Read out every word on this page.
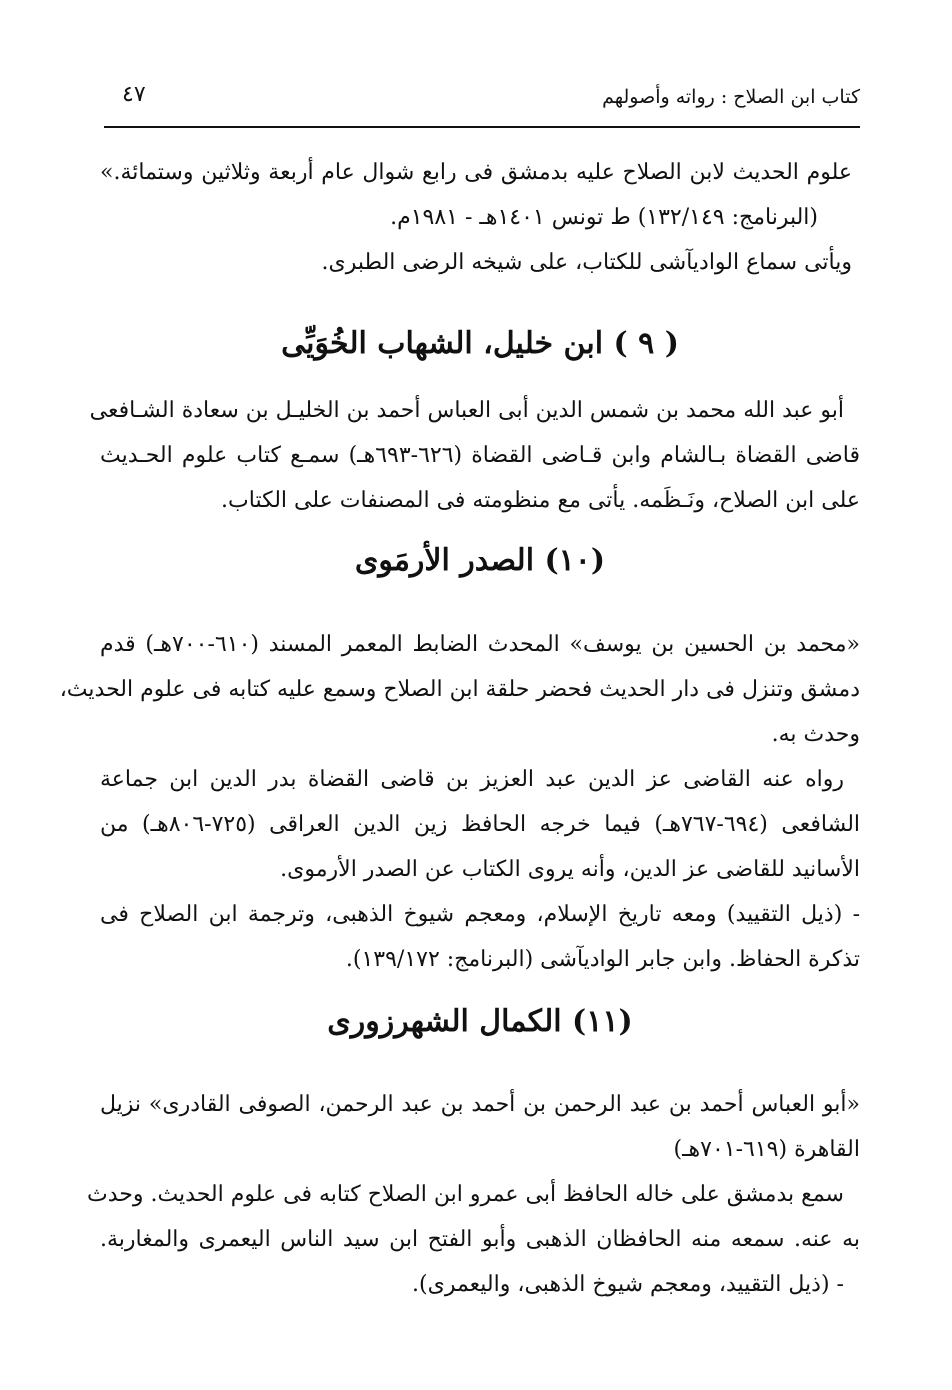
كتاب ابن الصلاح : رواته وأصولهم
٤٧
علوم الحديث لابن الصلاح عليه بدمشق فى رابع شوال عام أربعة وثلاثين وستمائة.»
(البرنامج: ١٣٢/١٤٩) ط تونس ١٤٠١هـ - ١٩٨١م.
ويأتى سماع الواديآشى للكتاب، على شيخه الرضى الطبرى.
( ٩ ) ابن خليل، الشهاب الخُوَيِّى
أبو عبد الله محمد بن شمس الدين أبى العباس أحمد بن الخليـل بن سعادة الشـافعى
قاضى القضاة بـالشام وابن قـاضى القضاة (٦٢٦-٦٩٣هـ) سمـع كتاب علوم الحـديث
على ابن الصلاح، ونَـظَمه. يأتى مع منظومته فى المصنفات على الكتاب.
(١٠) الصدر الأرمَوى
«محمد بن الحسين بن يوسف» المحدث الضابط المعمر المسند (٦١٠-٧٠٠هـ) قدم
دمشق وتنزل فى دار الحديث فحضر حلقة ابن الصلاح وسمع عليه كتابه فى علوم الحديث،
وحدث به.
رواه عنه القاضى عز الدين عبد العزيز بن قاضى القضاة بدر الدين ابن جماعة
الشافعى (٦٩٤-٧٦٧هـ) فيما خرجه الحافظ زين الدين العراقى (٧٢٥-٨٠٦هـ) من
الأسانيد للقاضى عز الدين، وأنه يروى الكتاب عن الصدر الأرموى.
- (ذيل التقييد) ومعه تاريخ الإسلام، ومعجم شيوخ الذهبى، وترجمة ابن الصلاح فى
تذكرة الحفاظ. وابن جابر الواديآشى (البرنامج: ١٣٩/١٧٢).
(١١) الكمال الشهرزورى
«أبو العباس أحمد بن عبد الرحمن بن أحمد بن عبد الرحمن، الصوفى القادرى» نزيل
القاهرة (٦١٩-٧٠١هـ)
سمع بدمشق على خاله الحافظ أبى عمرو ابن الصلاح كتابه فى علوم الحديث. وحدث
به عنه. سمعه منه الحافظان الذهبى وأبو الفتح ابن سيد الناس اليعمرى والمغاربة.
- (ذيل التقييد، ومعجم شيوخ الذهبى، واليعمرى).
